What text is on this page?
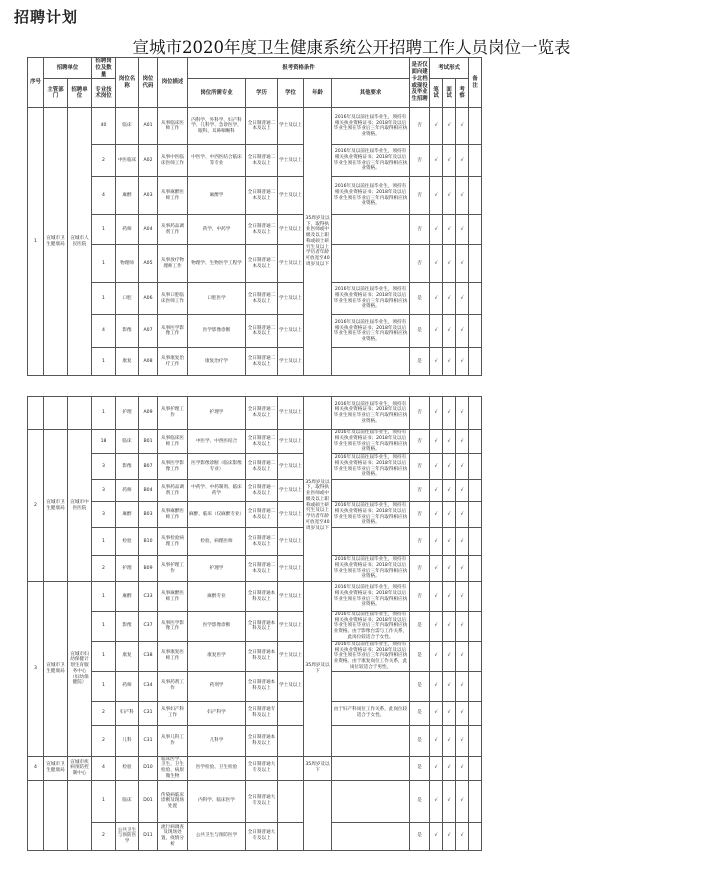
招聘计划
宣城市2020年度卫生健康系统公开招聘工作人员岗位一览表
序号	招聘单位		招聘岗位及数量	岗位名称	岗位代码	岗位描述	报考资格条件					是否仅面向建卡北档或现役及毕业生招聘	考试形式			备注
	主管部门	招聘单位	专业技术岗位				岗位所需专业	学历	学位	年龄	其他要求		笔试	面试	考察	

1	宣城市卫生健康局	宣城市人民医院	40	临床	A01	从事临床医师工作	内科学、外科学、妇产科学、儿科学、急诊医学、眼科、耳鼻咽喉科	全日制普通二本及以上	学士及以上	35周岁及以下，取得执业医师或中级及以上职称或硕士研究生及以上学历者年龄可放宽至40周岁及以下	2016年及以前往届毕业生，须持有相关执业资格证书；2018年及以后毕业生须在毕业后三年内取得相应执业资格。	否	√	√	√	
			2	中医临床	A02	从事中医临床医师工作	中医学、中西医结合临床等专业	全日制普通二本及以上	学士及以上		2016年及以前往届毕业生，须持有相关执业资格证书；2018年及以后毕业生须在毕业后三年内取得相应执业资格。	否	√	√	√	
			4	麻醉	A03	从事麻醉医师工作	麻醉学	全日制普通二本及以上	学士及以上		2016年及以前往届毕业生，须持有相关执业资格证书；2018年及以后毕业生须在毕业后三年内取得相应执业资格。	否	√	√	√	
			1	药师	A04	从事药品调剂工作	药学、中药学	全日制普通二本及以上	学士及以上			否	√	√	√	
			1	物理师	A05	从事放疗物理师工作	物理学、生物医学工程学	全日制普通二本及以上	学士及以上			否	√	√	√	
			1	口腔	A06	从事口腔临床医师工作	口腔医学	全日制普通二本及以上	学士及以上		2016年及以前往届毕业生，须持有相关执业资格证书；2018年及以后毕业生须在毕业后三年内取得相应执业资格。	是	√	√	√	
			4	影像	A07	从事医学影像工作	医学影像诊断	全日制普通二本及以上	学士及以上		2016年及以前往届毕业生，须持有相关执业资格证书；2018年及以后毕业生须在毕业后三年内取得相应执业资格。	是	√	√	√	
			1	康复	A08	从事康复治疗工作	康复治疗学	全日制普通二本及以上	学士及以上			是	√	√	√	
			1	护理	A09	从事护理工作	护理学	全日制普通二本及以上	学士及以上		2016年及以前往届毕业生，须持有相关执业资格证书；2018年及以后毕业生须在毕业后三年内取得相应执业资格。	否	√	√	√	
2	宣城市卫生健康局	宣城市中医医院	18	临床	B01	从事临床医师工作	中医学、中西医结合	全日制普通二本及以上	学士及以上	35周岁及以下，取得执业医师或中级及以上职称或硕士研究生及以上学历者年龄可放宽至40周岁及以下	2016年及以前往届毕业生，须持有相关执业资格证书；2018年及以后毕业生须在毕业后三年内取得相应执业资格。	否	√	√	√	
			3	影像	B07	从事医学影像工作	医学影像诊断（临床影像专业）	全日制普通二本及以上	学士及以上		2016年及以前往届毕业生，须持有相关执业资格证书；2018年及以后毕业生须在毕业后三年内取得相应执业资格。	否	√	√	√	
			3	药师	B04	从事药品调剂工作	中药学、中药制剂、临床药学	全日制普通一本及以上	学士及以上			否	√	√	√	
			3	麻醉	B03	从事麻醉医师工作	麻醉、临床（仅麻醉专业）	全日制普通二本及以上	学士及以上		2016年及以前往届毕业生，须持有相关执业资格证书；2018年及以后毕业生须在毕业后三年内取得相应执业资格。	否	√	√	√	
			1	检验	B10	从事检验病理工作	检验、病理医师	全日制普通二本及以上	学士及以上			否	√	√	√	
			2	护理	B09	从事护理工作	护理学	全日制普通二本及以上	学士及以上		2016年及以前往届毕业生，须持有相关执业资格证书；2018年及以后毕业生须在毕业后三年内取得相应执业资格。	否	√	√	√	
3	宣城市卫生健康局	宣城市妇幼保健计划生育服务中心（妇幼保健院）	1	麻醉	C33	从事麻醉医师工作	麻醉专业	全日制普通本科及以上	学士及以上	35周岁及以下	2016年及以前往届毕业生，须持有相关执业资格证书；2018年及以后毕业生须在毕业后三年内取得相应执业资格。	否	√	√	√	
			1	影像	C37	从事医学影像工作	医学影像诊断	全日制普通本科及以上	学士及以上		2016年及以前往届毕业生，须持有相关执业资格证书；2018年及以后毕业生须在毕业后三年内取得相应执业资格。由于影像台需与工作关系，此岗位较适合于女性。	是	√	√	√	
			1	康复	C38	从事康复医师工作	康复医学	全日制普通本科及以上	学士及以上		2016年及以前往届毕业生，须持有相关执业资格证书；2018年及以后毕业生须在毕业后三年内取得相应执业资格。由于康复岗位工作关系，此岗位较适合于男性。	是	√	√	√	
			1	药师	C34	从事药剂工作	药剂学	全日制普通本科及以上	学士及以上			是	√	√	√	
			2	妇产科	C31	从事妇产科工作	妇产科学	全日制普通专科及以上			由于妇产科岗位工作关系，此岗位较适合于女性。	是	√	√	√	
			2	儿科	C31	从事儿科工作	儿科学	全日制普通本科及以上				是	√	√	√	
4	宣城市卫生健康局	宣城市疾病预防控制中心	4	检验	D10	临床医学、卫生、卫生检验、病原微生物	医学检验、卫生检验	全日制普通大专及以上		35周岁及以下		是	√	√	√	
			1	临床	D01	传染病临床诊断及现场处置	内科学、临床医学	全日制普通大专及以上				是	√	√	√	
			2	公共卫生与预防医学	D11	流行病调查及现场处置、疫情分析	公共卫生与预防医学	全日制普通大专及以上				是	√	√	√	
